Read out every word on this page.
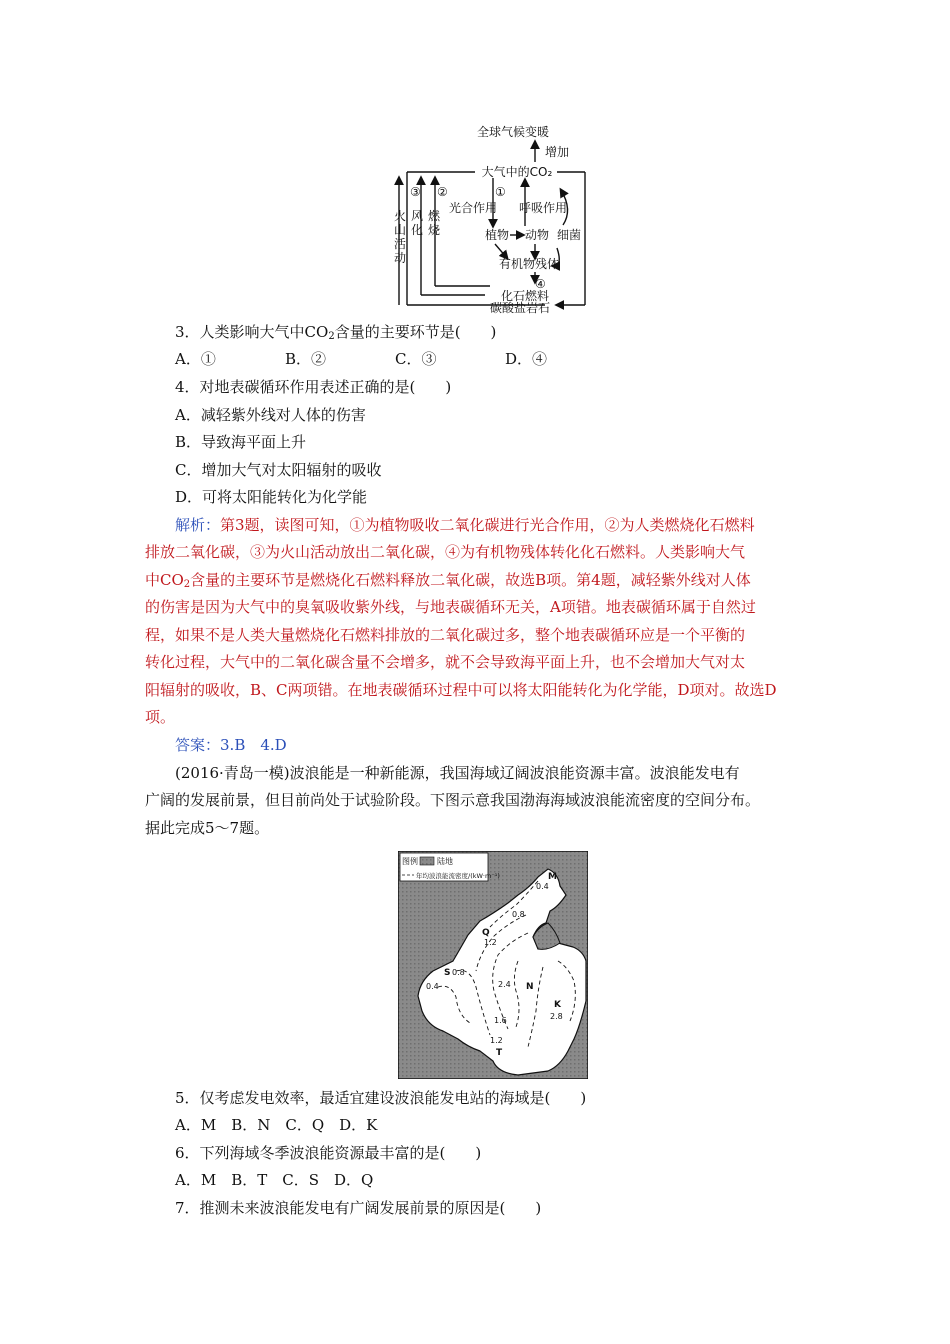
全球气候变暖
增加
大气中的CO₂
③ ②	①
光合作用 呼吸作用
植物 动物 细菌
有机物残体
④
化石燃料
碳酸盐岩石
火
山
活
动
风
化
燃
烧
3．人类影响大气中$CO_2$含量的主要环节是(　　)
A．①	B．②	C．③	D．④
4．对地表碳循环作用表述正确的是(　　)
A．减轻紫外线对人体的伤害
B．导致海平面上升
C．增加大气对太阳辐射的吸收
D．可将太阳能转化为化学能
解析：第3题，读图可知，①为植物吸收二氧化碳进行光合作用，②为人类燃烧化石燃料
排放二氧化碳，③为火山活动放出二氧化碳，④为有机物残体转化化石燃料。人类影响大气
中$CO_2$含量的主要环节是燃烧化石燃料释放二氧化碳，故选B项。第4题，减轻紫外线对人体
的伤害是因为大气中的臭氧吸收紫外线，与地表碳循环无关，A项错。地表碳循环属于自然过
程，如果不是人类大量燃烧化石燃料排放的二氧化碳过多，整个地表碳循环应是一个平衡的
转化过程，大气中的二氧化碳含量不会增多，就不会导致海平面上升，也不会增加大气对太
阳辐射的吸收，B、C两项错。在地表碳循环过程中可以将太阳能转化为化学能，D项对。故选D
项。
答案：3.B　4.D
(2016·青岛一模)波浪能是一种新能源，我国海域辽阔波浪能资源丰富。波浪能发电有
广阔的发展前景，但目前尚处于试验阶段。下图示意我国渤海海域波浪能流密度的空间分布。
据此完成5～7题。
图例 陆地
年均波浪能流密度/(kW·m⁻¹)	M
0.4
0.8
Q
1.2
2.4 N
S 0.8
0.4
1.6
1.2
T
K
2.8
5．仅考虑发电效率，最适宜建设波浪能发电站的海域是(　　)
A．M　B．N　C．Q　D．K
6．下列海域冬季波浪能资源最丰富的是(　　)
A．M　B．T　C．S　D．Q
7．推测未来波浪能发电有广阔发展前景的原因是(　　)
